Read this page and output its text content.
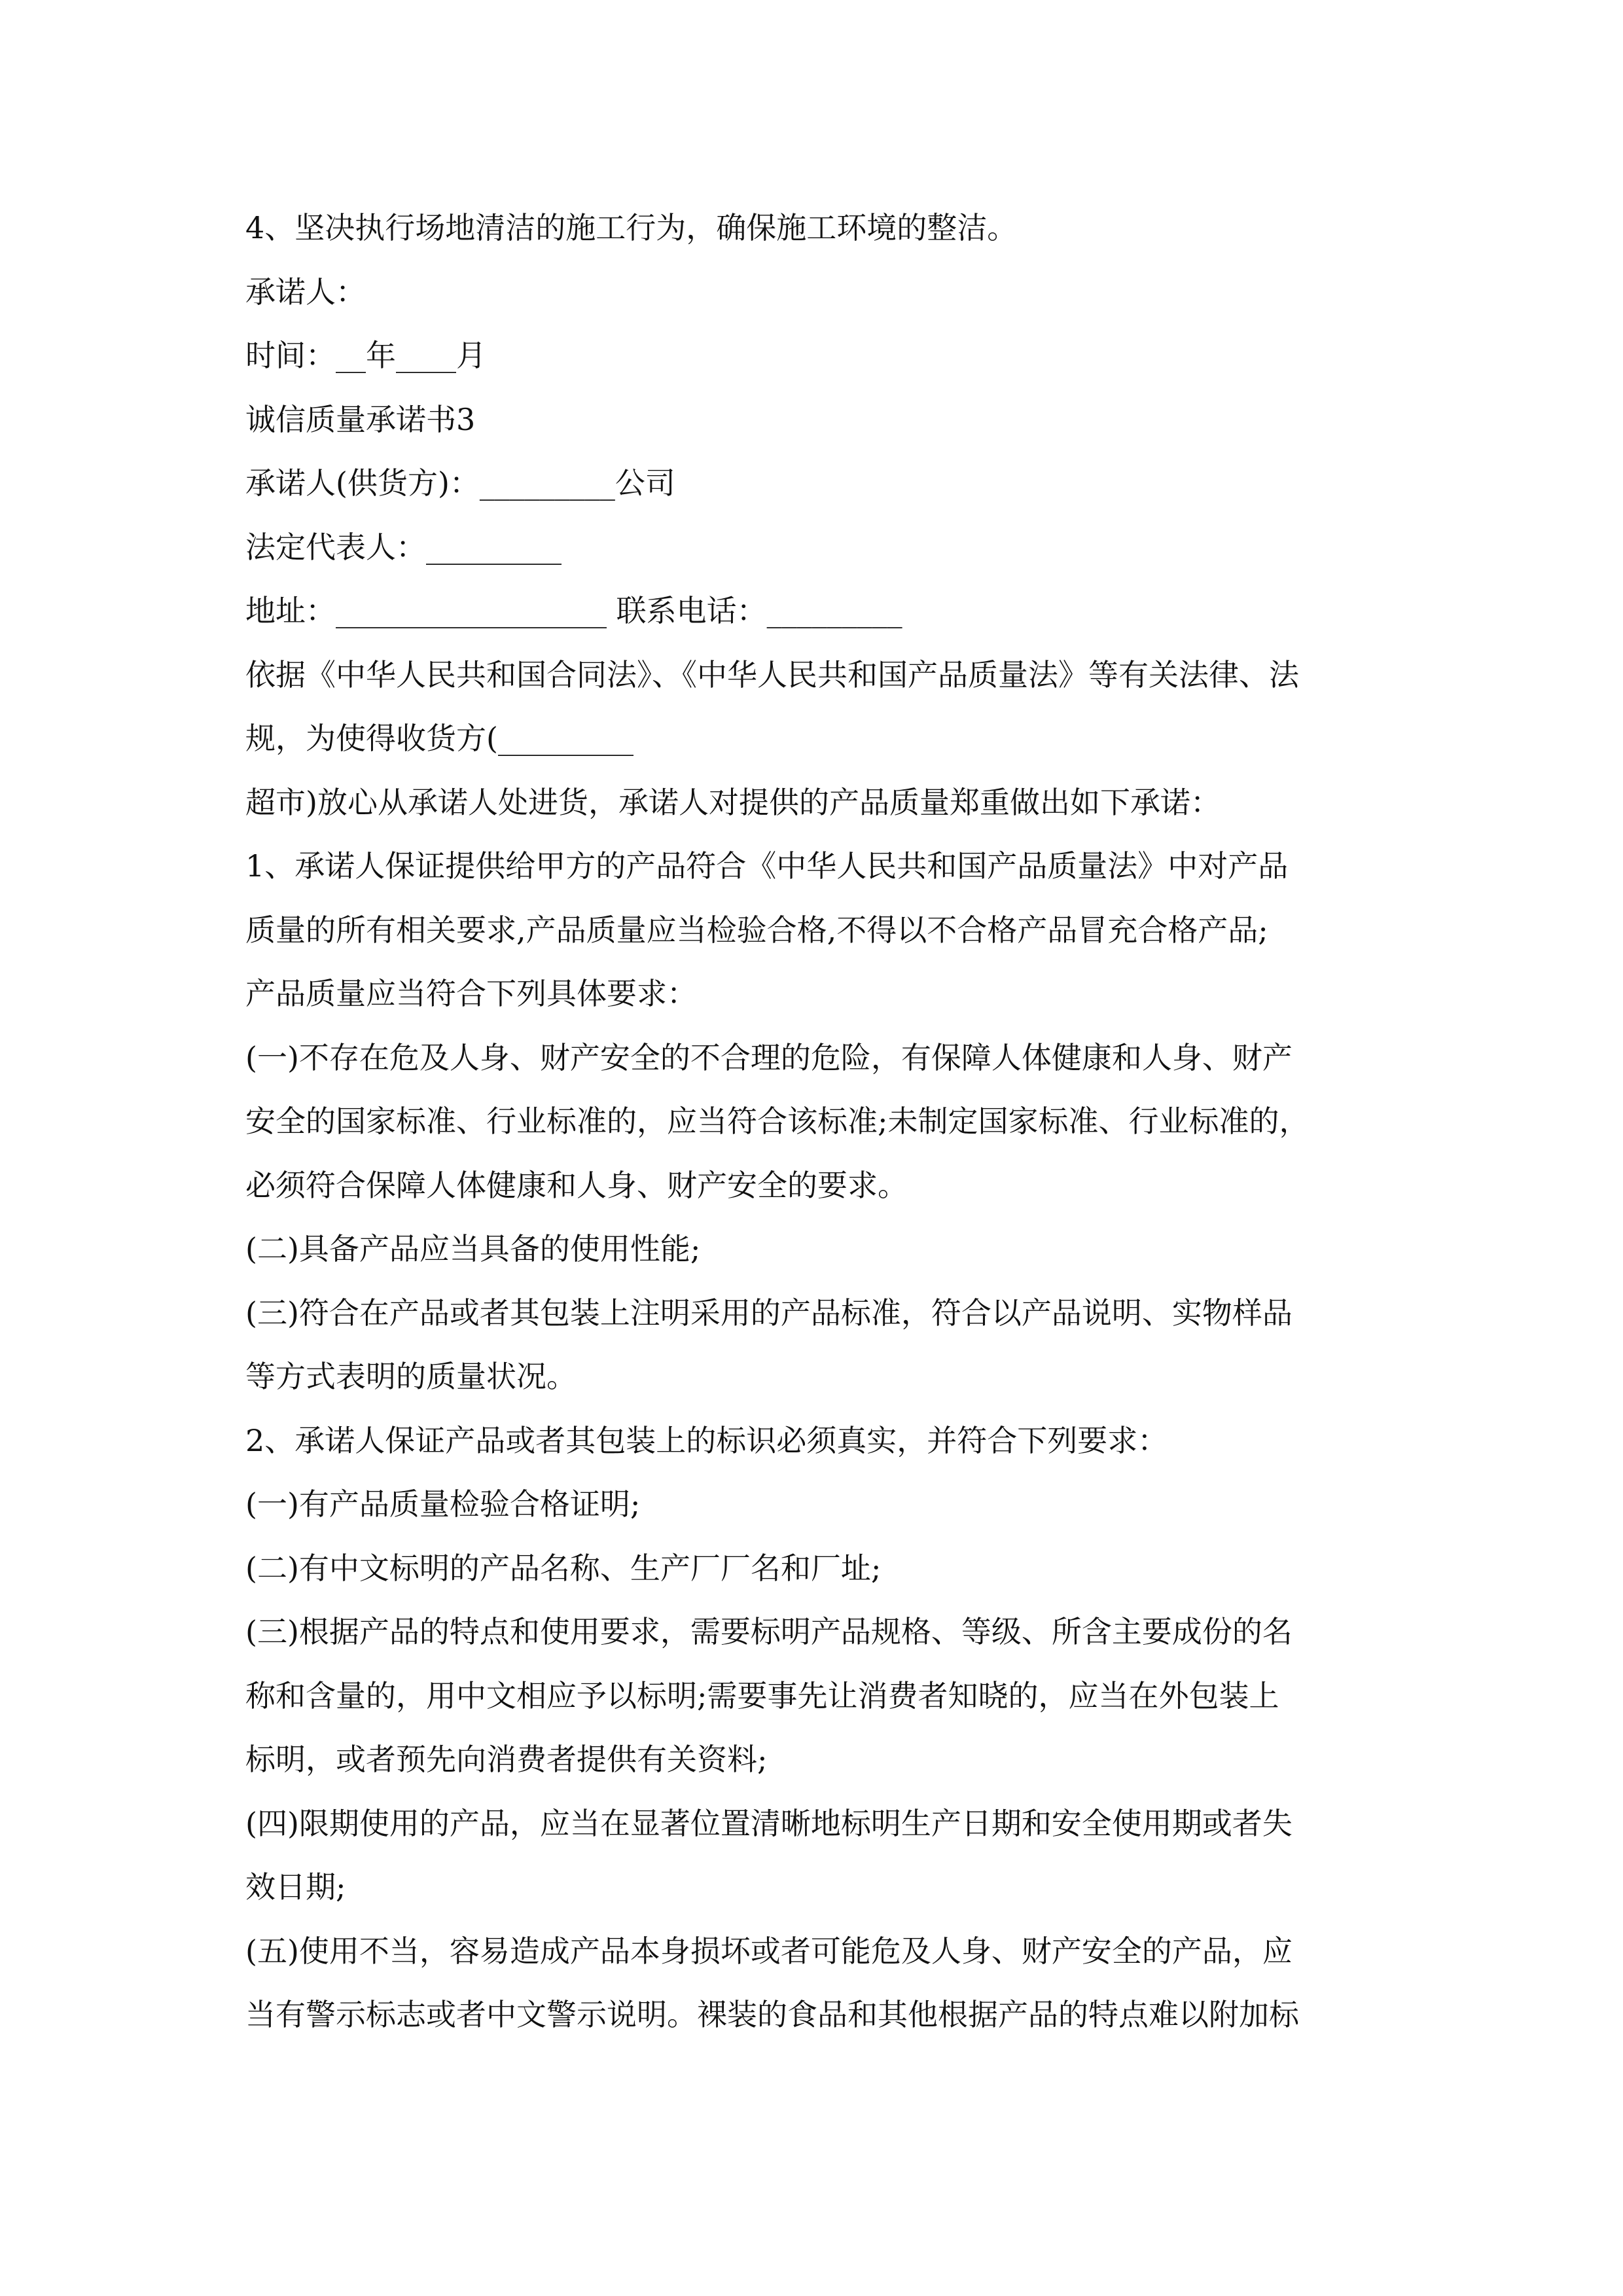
4、坚决执行场地清洁的施工行为，确保施工环境的整洁。
承诺人：
时间：__年____月
诚信质量承诺书3
承诺人(供货方)：_________公司
法定代表人：_________
地址：__________________ 联系电话：_________
依据《中华人民共和国合同法》、《中华人民共和国产品质量法》等有关法律、法
规，为使得收货方(_________
超市)放心从承诺人处进货，承诺人对提供的产品质量郑重做出如下承诺：
1、承诺人保证提供给甲方的产品符合《中华人民共和国产品质量法》中对产品
质量的所有相关要求,产品质量应当检验合格,不得以不合格产品冒充合格产品;
产品质量应当符合下列具体要求：
(一)不存在危及人身、财产安全的不合理的危险，有保障人体健康和人身、财产
安全的国家标准、行业标准的，应当符合该标准;未制定国家标准、行业标准的，
必须符合保障人体健康和人身、财产安全的要求。
(二)具备产品应当具备的使用性能;
(三)符合在产品或者其包装上注明采用的产品标准，符合以产品说明、实物样品
等方式表明的质量状况。
2、承诺人保证产品或者其包装上的标识必须真实，并符合下列要求：
(一)有产品质量检验合格证明;
(二)有中文标明的产品名称、生产厂厂名和厂址;
(三)根据产品的特点和使用要求，需要标明产品规格、等级、所含主要成份的名
称和含量的，用中文相应予以标明;需要事先让消费者知晓的，应当在外包装上
标明，或者预先向消费者提供有关资料;
(四)限期使用的产品，应当在显著位置清晰地标明生产日期和安全使用期或者失
效日期;
(五)使用不当，容易造成产品本身损坏或者可能危及人身、财产安全的产品，应
当有警示标志或者中文警示说明。裸装的食品和其他根据产品的特点难以附加标
